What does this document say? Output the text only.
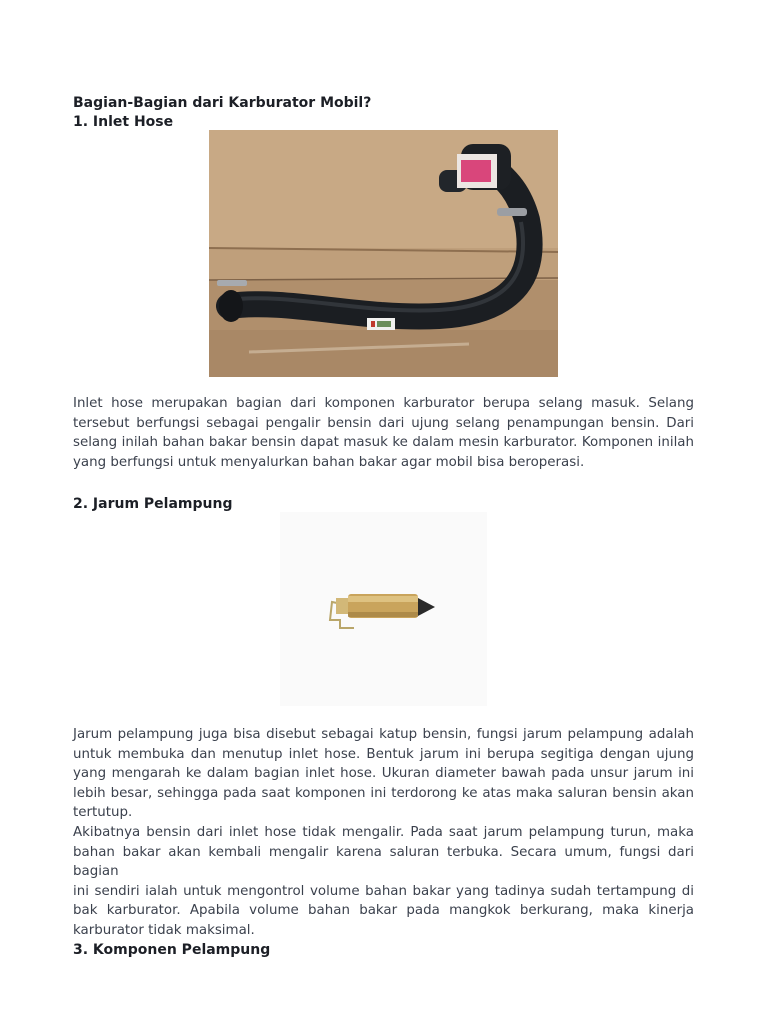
Bagian-Bagian dari Karburator Mobil?

1. Inlet Hose

Inlet hose merupakan bagian dari komponen karburator berupa selang masuk. Selang
tersebut berfungsi sebagai pengalir bensin dari ujung selang penampungan bensin. Dari
selang inilah bahan bakar bensin dapat masuk ke dalam mesin karburator. Komponen inilah
yang berfungsi untuk menyalurkan bahan bakar agar mobil bisa beroperasi.

2. Jarum Pelampung

Jarum pelampung juga bisa disebut sebagai katup bensin, fungsi jarum pelampung adalah
untuk membuka dan menutup inlet hose. Bentuk jarum ini berupa segitiga dengan ujung
yang mengarah ke dalam bagian inlet hose. Ukuran diameter bawah pada unsur jarum ini
lebih besar, sehingga pada saat komponen ini terdorong ke atas maka saluran bensin akan
tertutup.
Akibatnya bensin dari inlet hose tidak mengalir. Pada saat jarum pelampung turun, maka
bahan bakar akan kembali mengalir karena saluran terbuka. Secara umum, fungsi dari bagian
ini sendiri ialah untuk mengontrol volume bahan bakar yang tadinya sudah tertampung di
bak karburator. Apabila volume bahan bakar pada mangkok berkurang, maka kinerja
karburator tidak maksimal.

3. Komponen Pelampung
